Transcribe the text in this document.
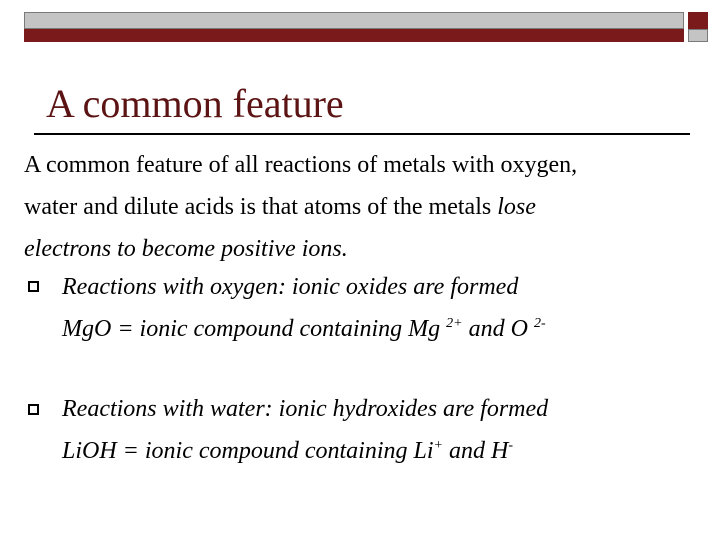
A common feature
A common feature of all reactions of metals with oxygen,
water and dilute acids is that atoms of the metals lose
electrons to become positive ions.
Reactions with oxygen: ionic oxides are formed
MgO = ionic compound containing Mg $^{2+}$ and O $^{2-}$
Reactions with water: ionic hydroxides are formed
LiOH = ionic compound containing Li+ and H-
